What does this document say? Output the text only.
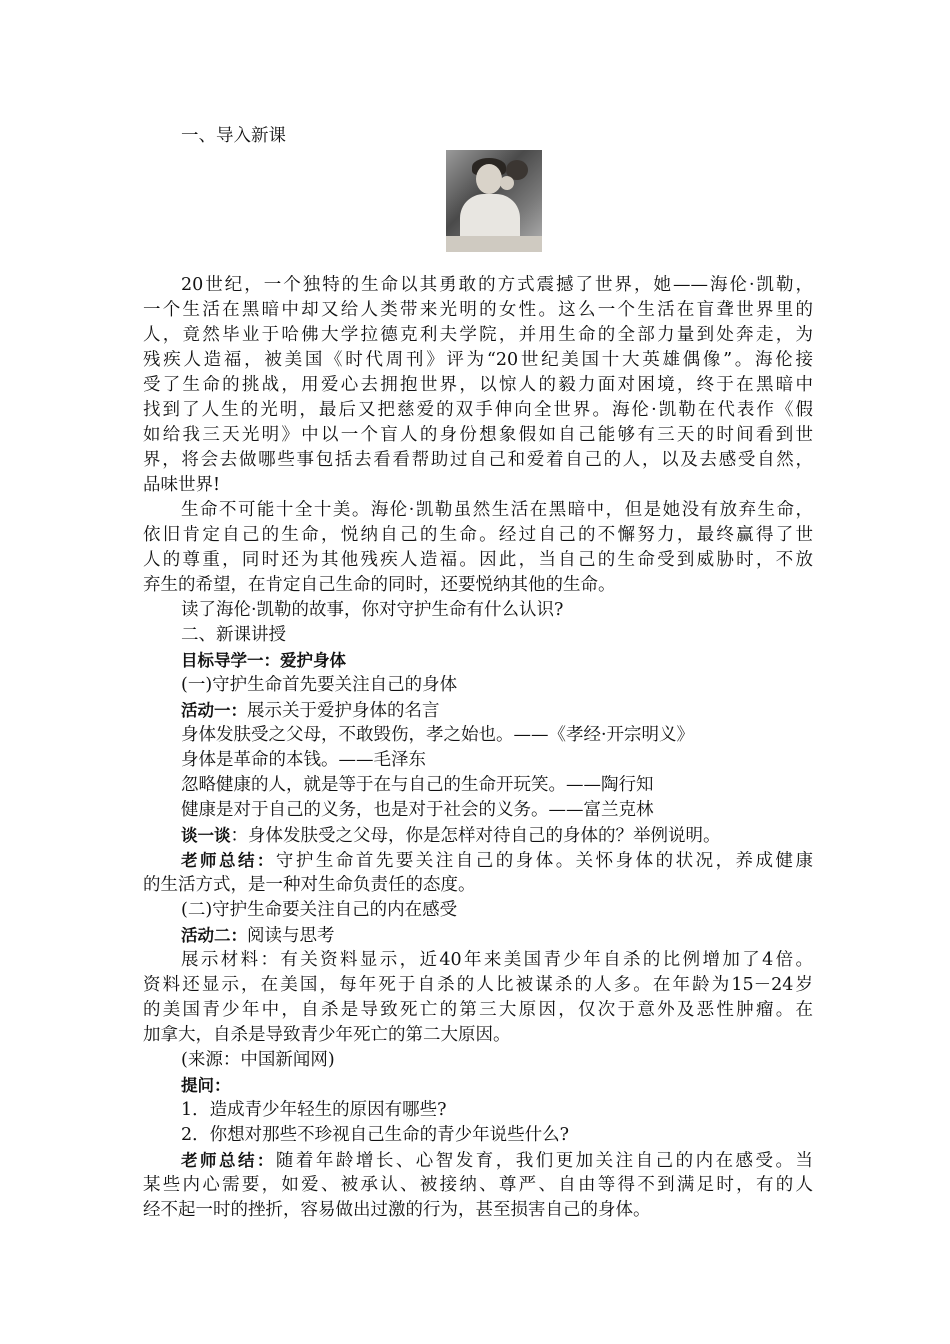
一、导入新课
20世纪，一个独特的生命以其勇敢的方式震撼了世界，她——海伦·凯勒，
一个生活在黑暗中却又给人类带来光明的女性。这么一个生活在盲聋世界里的
人，竟然毕业于哈佛大学拉德克利夫学院，并用生命的全部力量到处奔走，为
残疾人造福，被美国《时代周刊》评为“20世纪美国十大英雄偶像”。海伦接
受了生命的挑战，用爱心去拥抱世界，以惊人的毅力面对困境，终于在黑暗中
找到了人生的光明，最后又把慈爱的双手伸向全世界。海伦·凯勒在代表作《假
如给我三天光明》中以一个盲人的身份想象假如自己能够有三天的时间看到世
界，将会去做哪些事包括去看看帮助过自己和爱着自己的人，以及去感受自然，
品味世界!
生命不可能十全十美。海伦·凯勒虽然生活在黑暗中，但是她没有放弃生命，
依旧肯定自己的生命，悦纳自己的生命。经过自己的不懈努力，最终赢得了世
人的尊重，同时还为其他残疾人造福。因此，当自己的生命受到威胁时，不放
弃生的希望，在肯定自己生命的同时，还要悦纳其他的生命。
读了海伦·凯勒的故事，你对守护生命有什么认识?
二、新课讲授
目标导学一：爱护身体
(一)守护生命首先要关注自己的身体
活动一：展示关于爱护身体的名言
身体发肤受之父母，不敢毁伤，孝之始也。——《孝经·开宗明义》
身体是革命的本钱。——毛泽东
忽略健康的人，就是等于在与自己的生命开玩笑。——陶行知
健康是对于自己的义务，也是对于社会的义务。——富兰克林
谈一谈：身体发肤受之父母，你是怎样对待自己的身体的？举例说明。
老师总结：守护生命首先要关注自己的身体。关怀身体的状况，养成健康
的生活方式，是一种对生命负责任的态度。
(二)守护生命要关注自己的内在感受
活动二：阅读与思考
展示材料：有关资料显示，近40年来美国青少年自杀的比例增加了4倍。
资料还显示，在美国，每年死于自杀的人比被谋杀的人多。在年龄为15－24岁
的美国青少年中，自杀是导致死亡的第三大原因，仅次于意外及恶性肿瘤。在
加拿大，自杀是导致青少年死亡的第二大原因。
(来源：中国新闻网)
提问：
1．造成青少年轻生的原因有哪些?
2．你想对那些不珍视自己生命的青少年说些什么?
老师总结：随着年龄增长、心智发育，我们更加关注自己的内在感受。当
某些内心需要，如爱、被承认、被接纳、尊严、自由等得不到满足时，有的人
经不起一时的挫折，容易做出过激的行为，甚至损害自己的身体。
